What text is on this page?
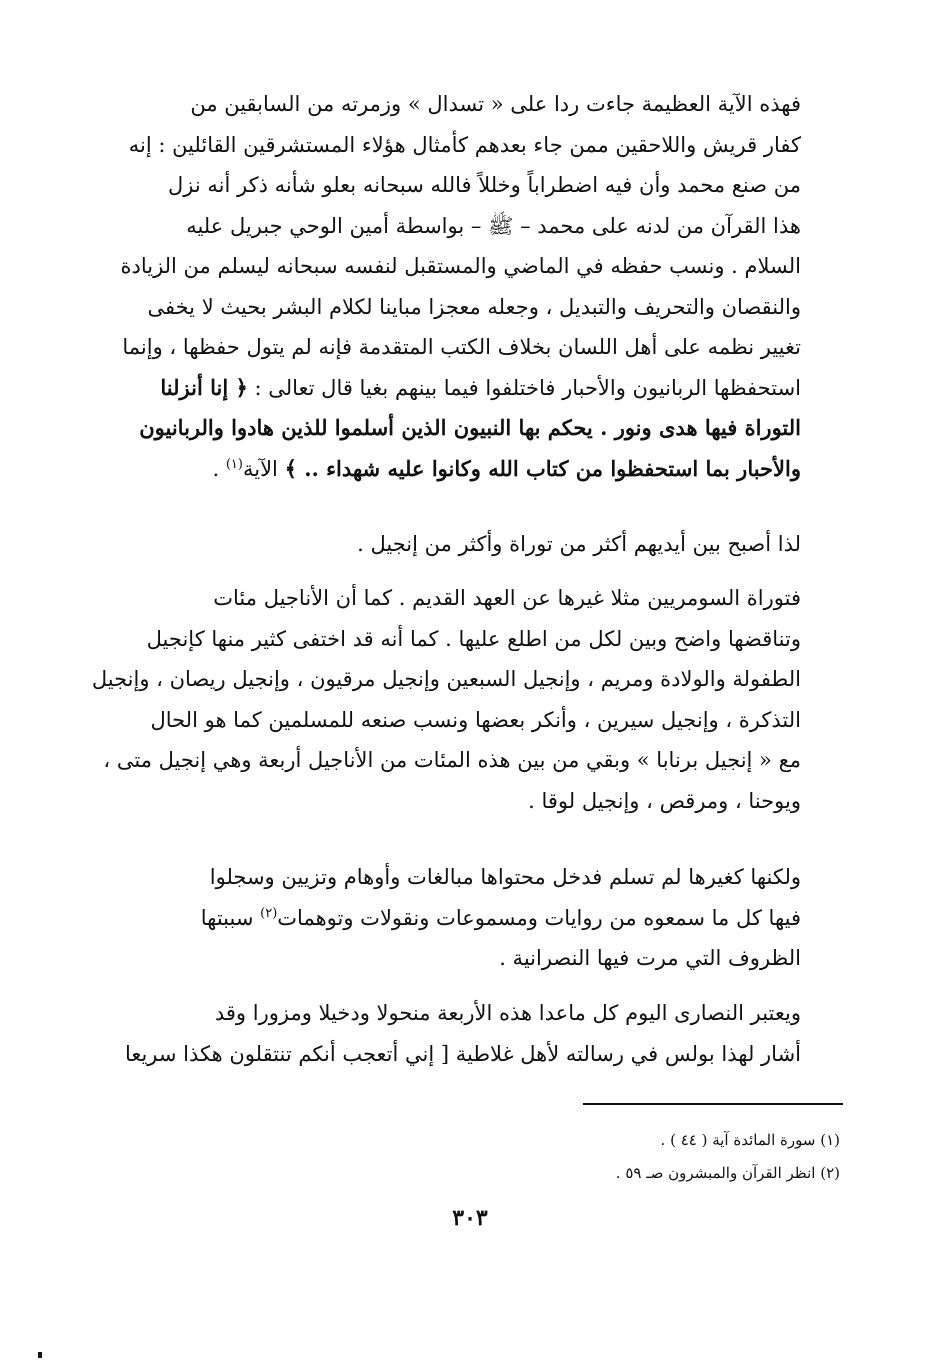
فهذه الآية العظيمة جاءت ردا على « تسدال » وزمرته من السابقين من
كفار قريش واللاحقين ممن جاء بعدهم كأمثال هؤلاء المستشرقين القائلين : إنه
من صنع محمد وأن فيه اضطراباً وخللاً فالله سبحانه بعلو شأنه ذكر أنه نزل
هذا القرآن من لدنه على محمد – ﷺ – بواسطة أمين الوحي جبريل عليه
السلام . ونسب حفظه في الماضي والمستقبل لنفسه سبحانه ليسلم من الزيادة
والنقصان والتحريف والتبديل ، وجعله معجزا مباينا لكلام البشر بحيث لا يخفى
تغيير نظمه على أهل اللسان بخلاف الكتب المتقدمة فإنه لم يتول حفظها ، وإنما
استحفظها الربانيون والأحبار فاختلفوا فيما بينهم بغيا قال تعالى : ﴿ إنا أنزلنا
التوراة فيها هدى ونور . يحكم بها النبيون الذين أسلموا للذين هادوا والربانيون
والأحبار بما استحفظوا من كتاب الله وكانوا عليه شهداء .. ﴾ الآية$^{(١)}$ .

لذا أصبح بين أيديهم أكثر من توراة وأكثر من إنجيل .

فتوراة السومريين مثلا غيرها عن العهد القديم . كما أن الأناجيل مئات
وتناقضها واضح وبين لكل من اطلع عليها . كما أنه قد اختفى كثير منها كإنجيل
الطفولة والولادة ومريم ، وإنجيل السبعين وإنجيل مرقيون ، وإنجيل ريصان ، وإنجيل
التذكرة ، وإنجيل سيرين ، وأنكر بعضها ونسب صنعه للمسلمين كما هو الحال
مع « إنجيل برنابا » وبقي من بين هذه المئات من الأناجيل أربعة وهي إنجيل متى ،
ويوحنا ، ومرقص ، وإنجيل لوقا .

ولكنها كغيرها لم تسلم فدخل محتواها مبالغات وأوهام وتزيين وسجلوا
فيها كل ما سمعوه من روايات ومسموعات ونقولات وتوهمات$^{(٢)}$ سببتها
الظروف التي مرت فيها النصرانية .

ويعتبر النصارى اليوم كل ماعدا هذه الأربعة منحولا ودخيلا ومزورا وقد
أشار لهذا بولس في رسالته لأهل غلاطية [ إني أتعجب أنكم تنتقلون هكذا سريعا

(١) سورة المائدة آية ( ٤٤ ) .
(٢) انظر القرآن والمبشرون صـ ٥٩ .
٣٠٣
